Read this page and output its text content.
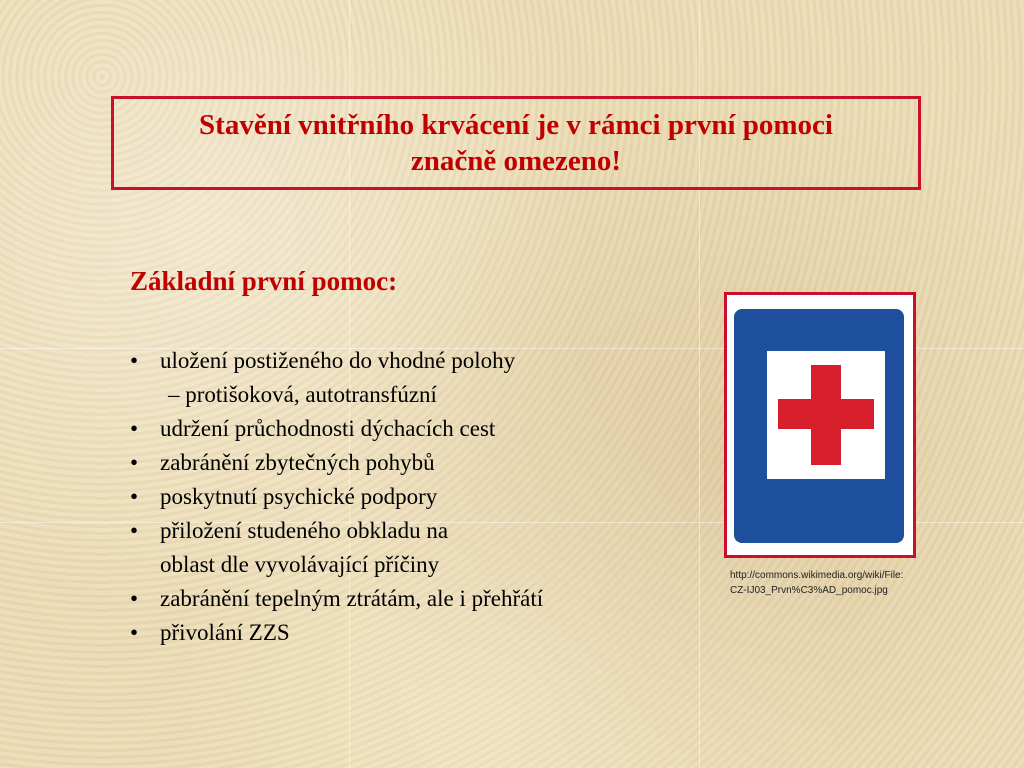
Stavění vnitřního krvácení je v rámci první pomoci
značně omezeno!
Základní první pomoc:
• uložení postiženého do vhodné polohy
– protišoková, autotransfúzní
• udržení průchodnosti dýchacích cest
• zabránění zbytečných pohybů
• poskytnutí psychické podpory
• přiložení studeného obkladu na
oblast dle vyvolávající příčiny
• zabránění tepelným ztrátám, ale i přehřátí
• přivolání ZZS
http://commons.wikimedia.org/wiki/File:
CZ-IJ03_Prvn%C3%AD_pomoc.jpg
